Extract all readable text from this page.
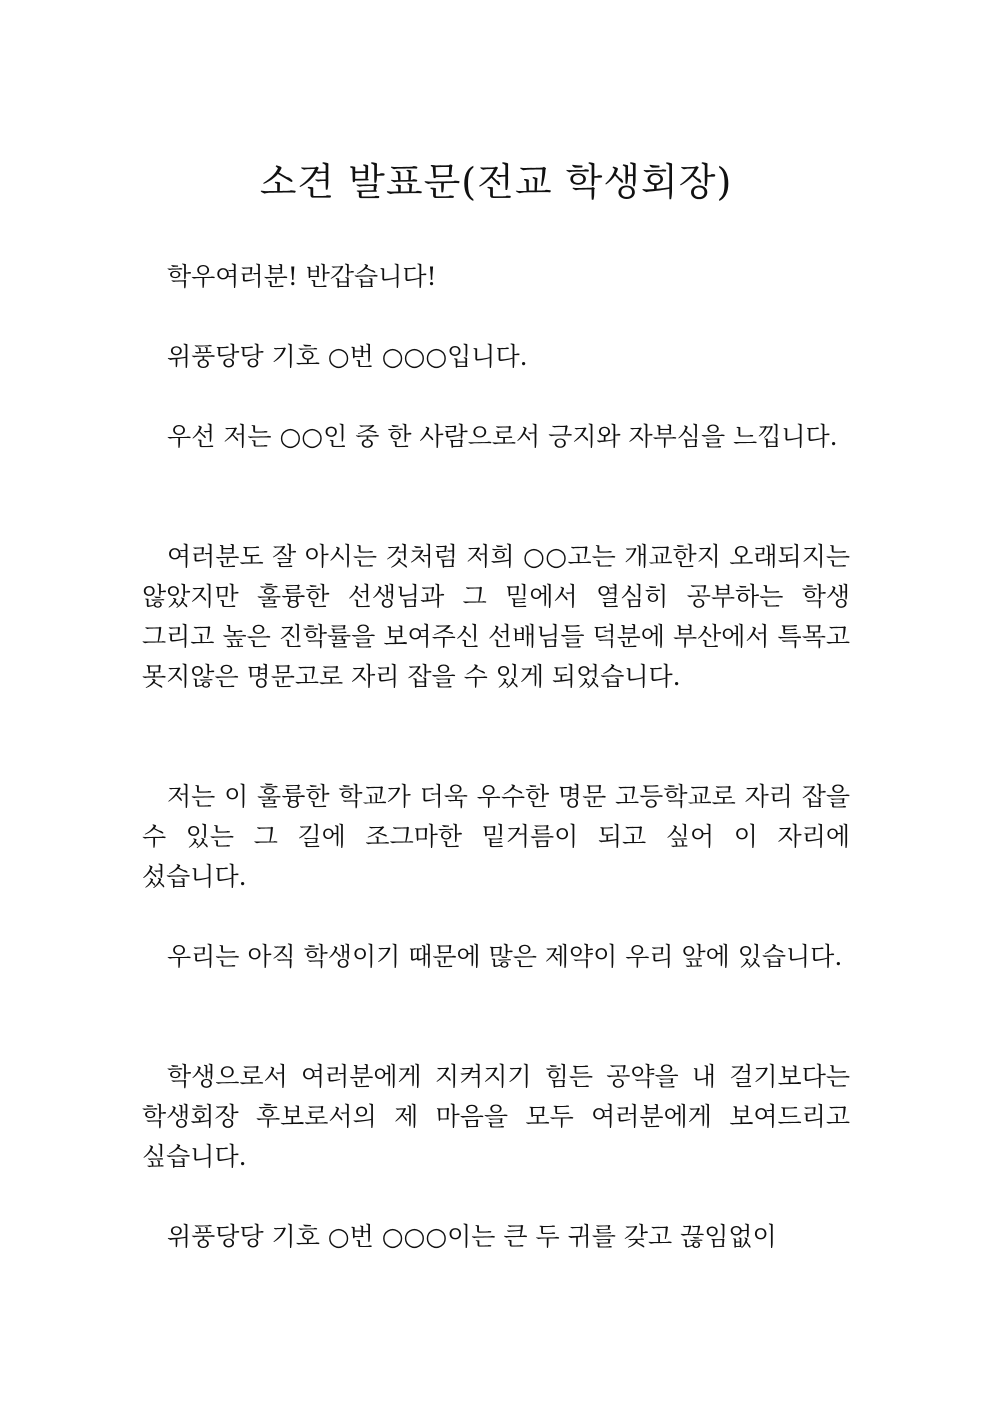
소견 발표문(전교 학생회장)

학우여러분! 반갑습니다!

위풍당당 기호 ○번 ○○○입니다.

우선 저는 ○○인 중 한 사람으로서 긍지와 자부심을 느낍니다.

여러분도 잘 아시는 것처럼 저희 ○○고는 개교한지 오래되지는 않았지만 훌륭한 선생님과 그 밑에서 열심히 공부하는 학생 그리고 높은 진학률을 보여주신 선배님들 덕분에 부산에서 특목고 못지않은 명문고로 자리 잡을 수 있게 되었습니다.

저는 이 훌륭한 학교가 더욱 우수한 명문 고등학교로 자리 잡을 수 있는 그 길에 조그마한 밑거름이 되고 싶어 이 자리에 섰습니다.

우리는 아직 학생이기 때문에 많은 제약이 우리 앞에 있습니다.

학생으로서 여러분에게 지켜지기 힘든 공약을 내 걸기보다는 학생회장 후보로서의 제 마음을 모두 여러분에게 보여드리고 싶습니다.

위풍당당 기호 ○번 ○○○이는 큰 두 귀를 갖고 끊임없이
